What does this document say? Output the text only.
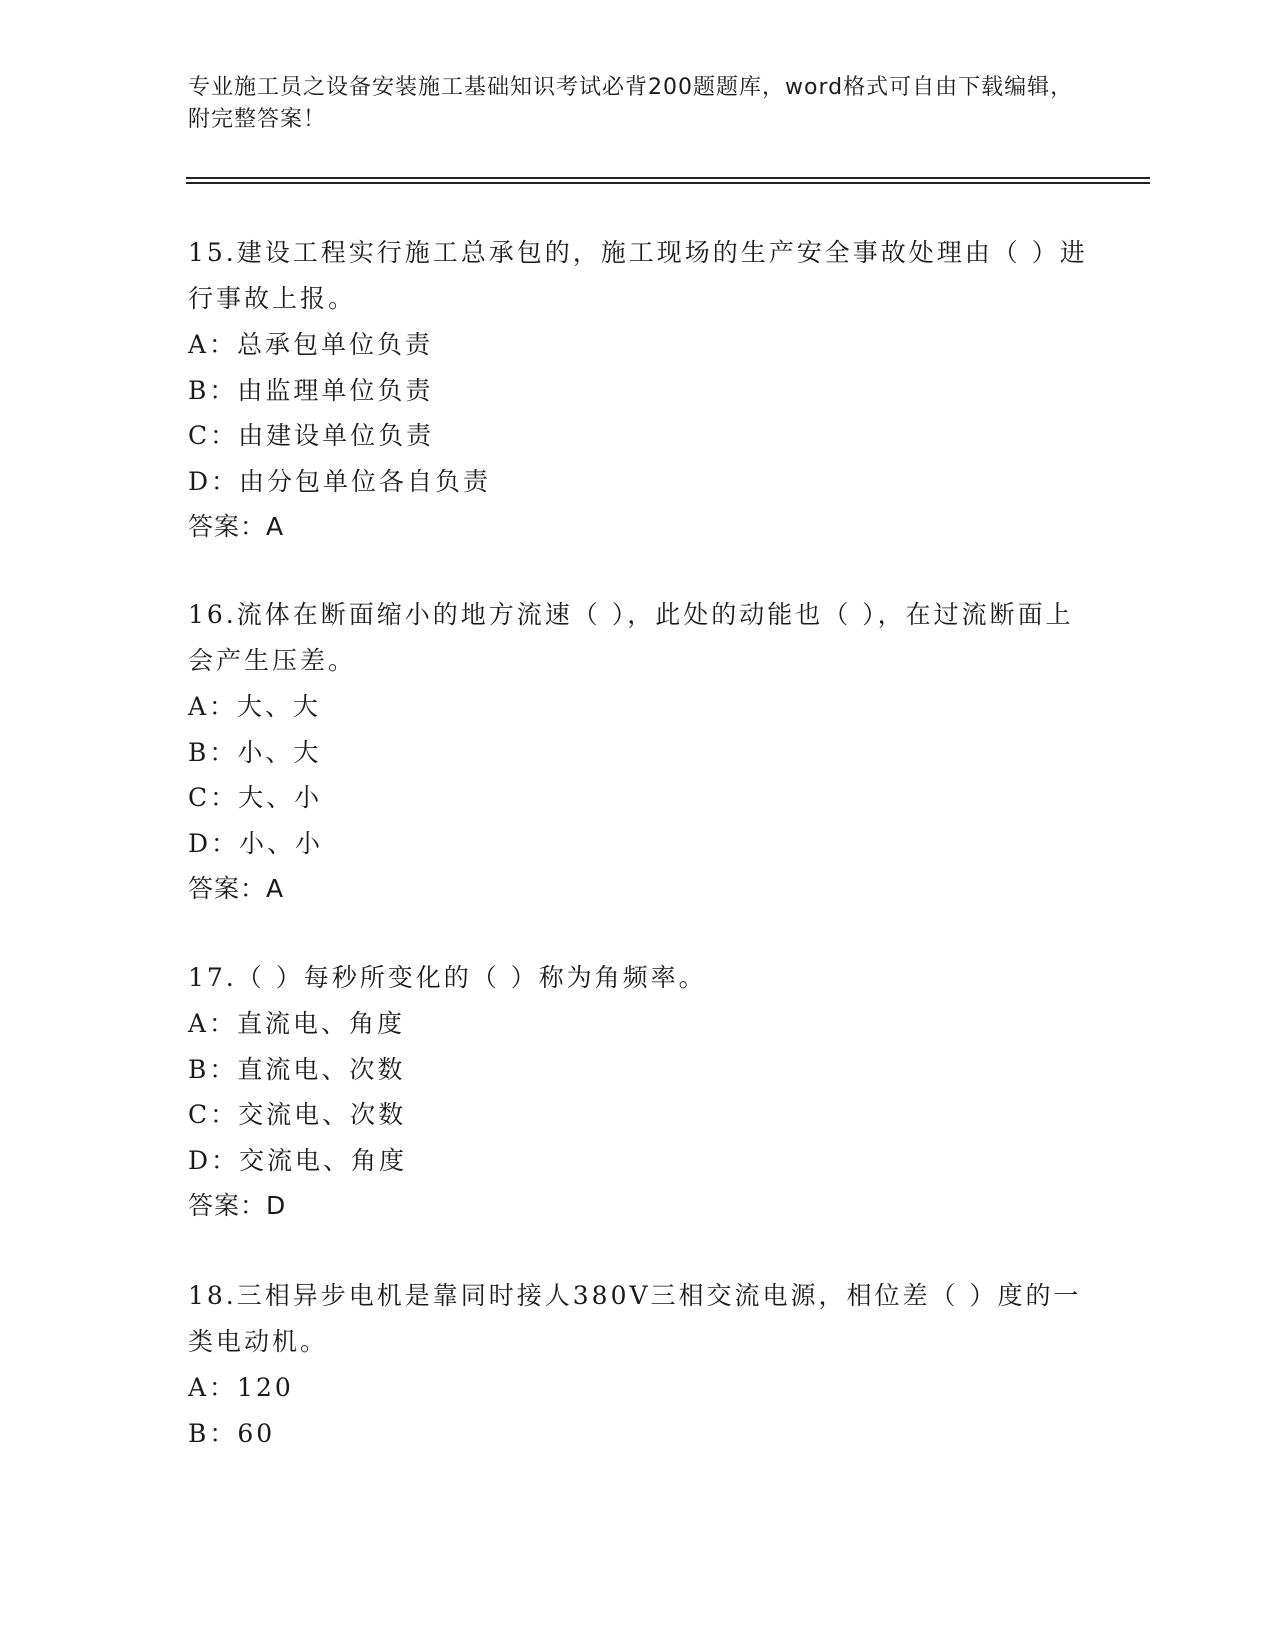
专业施工员之设备安装施工基础知识考试必背200题题库，word格式可自由下载编辑，附完整答案！

15.建设工程实行施工总承包的，施工现场的生产安全事故处理由（ ）进行事故上报。

A：总承包单位负责

B：由监理单位负责

C：由建设单位负责

D：由分包单位各自负责

答案：A

16.流体在断面缩小的地方流速（ ），此处的动能也（ ），在过流断面上会产生压差。

A：大、大

B：小、大

C：大、小

D：小、小

答案：A

17.（ ）每秒所变化的（ ）称为角频率。

A：直流电、角度

B：直流电、次数

C：交流电、次数

D：交流电、角度

答案：D

18.三相异步电机是靠同时接人380V三相交流电源，相位差（ ）度的一类电动机。

A：120

B：60
